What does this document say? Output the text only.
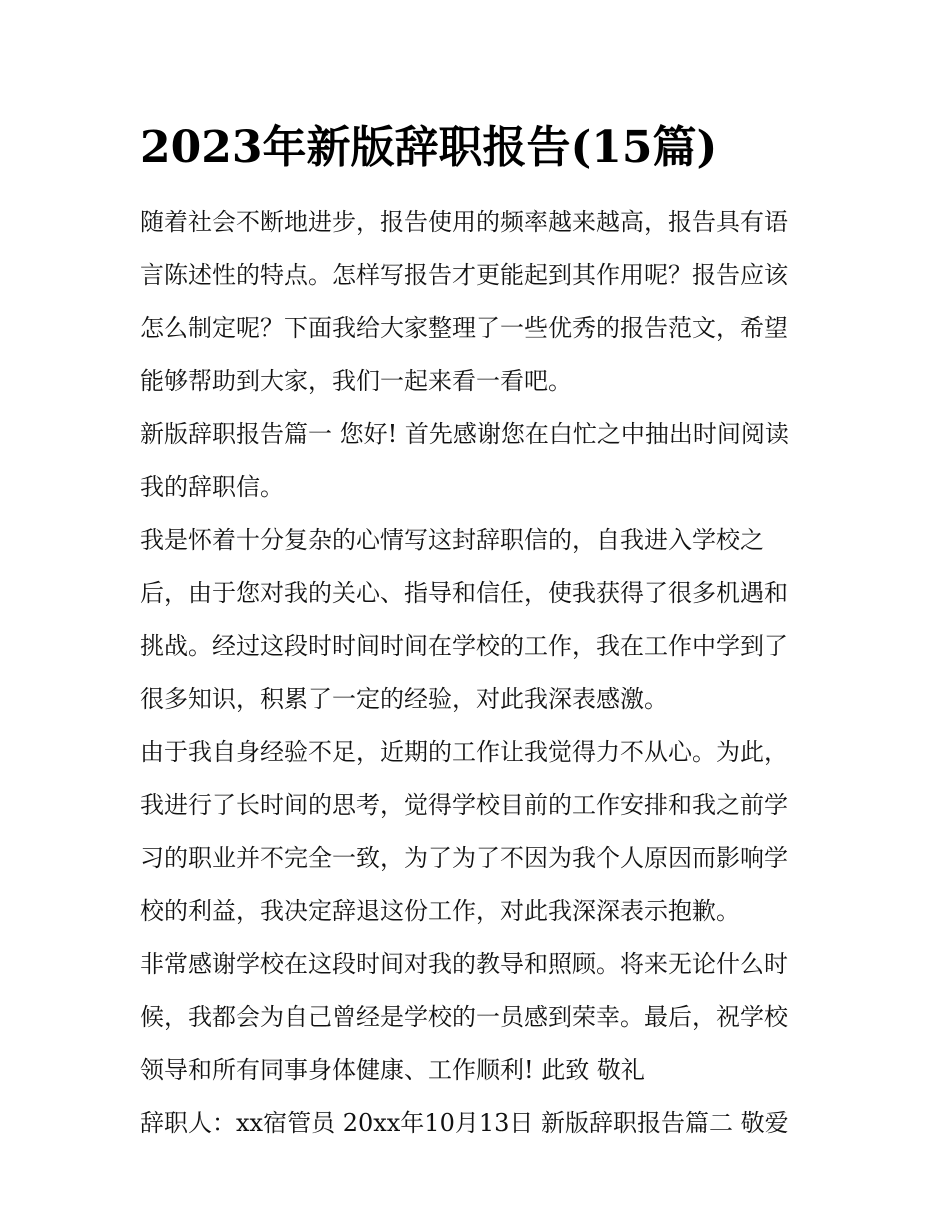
2023年新版辞职报告(15篇)
随着社会不断地进步，报告使用的频率越来越高，报告具有语
言陈述性的特点。怎样写报告才更能起到其作用呢？报告应该
怎么制定呢？下面我给大家整理了一些优秀的报告范文，希望
能够帮助到大家，我们一起来看一看吧。
新版辞职报告篇一 您好! 首先感谢您在白忙之中抽出时间阅读
我的辞职信。
我是怀着十分复杂的心情写这封辞职信的，自我进入学校之
后，由于您对我的关心、指导和信任，使我获得了很多机遇和
挑战。经过这段时时间时间在学校的工作，我在工作中学到了
很多知识，积累了一定的经验，对此我深表感激。
由于我自身经验不足，近期的工作让我觉得力不从心。为此，
我进行了长时间的思考，觉得学校目前的工作安排和我之前学
习的职业并不完全一致，为了为了不因为我个人原因而影响学
校的利益，我决定辞退这份工作，对此我深深表示抱歉。
非常感谢学校在这段时间对我的教导和照顾。将来无论什么时
候，我都会为自己曾经是学校的一员感到荣幸。最后，祝学校
领导和所有同事身体健康、工作顺利! 此致 敬礼
辞职人：xx宿管员 20xx年10月13日 新版辞职报告篇二 敬爱
